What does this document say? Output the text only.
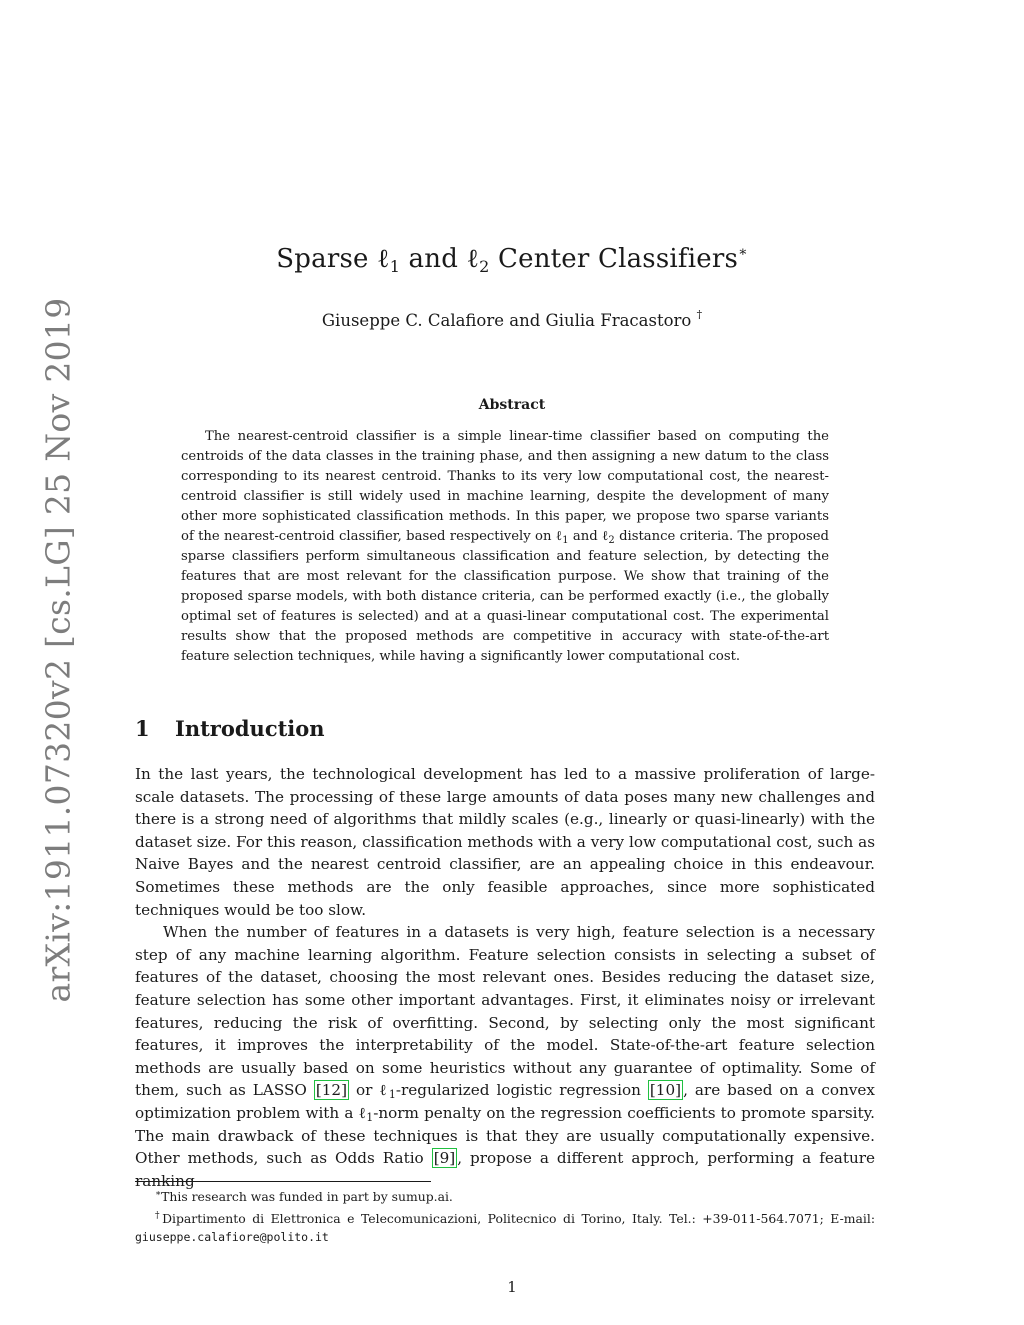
arXiv:1911.07320v2 [cs.LG] 25 Nov 2019
Sparse ℓ$_1$ and ℓ$_2$ Center Classifiers∗
Giuseppe C. Calafiore and Giulia Fracastoro †
Abstract
The nearest-centroid classifier is a simple linear-time classifier based on computing the centroids of the data classes in the training phase, and then assigning a new datum to the class corresponding to its nearest centroid. Thanks to its very low computational cost, the nearest-centroid classifier is still widely used in machine learning, despite the development of many other more sophisticated classification methods. In this paper, we propose two sparse variants of the nearest-centroid classifier, based respectively on ℓ$_1$ and ℓ$_2$ distance criteria. The proposed sparse classifiers perform simultaneous classification and feature selection, by detecting the features that are most relevant for the classification purpose. We show that training of the proposed sparse models, with both distance criteria, can be performed exactly (i.e., the globally optimal set of features is selected) and at a quasi-linear computational cost. The experimental results show that the proposed methods are competitive in accuracy with state-of-the-art feature selection techniques, while having a significantly lower computational cost.
1 Introduction

In the last years, the technological development has led to a massive proliferation of large-scale datasets. The processing of these large amounts of data poses many new challenges and there is a strong need of algorithms that mildly scales (e.g., linearly or quasi-linearly) with the dataset size. For this reason, classification methods with a very low computational cost, such as Naive Bayes and the nearest centroid classifier, are an appealing choice in this endeavour. Sometimes these methods are the only feasible approaches, since more sophisticated techniques would be too slow.

When the number of features in a datasets is very high, feature selection is a necessary step of any machine learning algorithm. Feature selection consists in selecting a subset of features of the dataset, choosing the most relevant ones. Besides reducing the dataset size, feature selection has some other important advantages. First, it eliminates noisy or irrelevant features, reducing the risk of overfitting. Second, by selecting only the most significant features, it improves the interpretability of the model. State-of-the-art feature selection methods are usually based on some heuristics without any guarantee of optimality. Some of them, such as LASSO [12] or ℓ$_1$-regularized logistic regression [10] , are based on a convex optimization problem with a ℓ$_1$-norm penalty on the regression coefficients to promote sparsity. The main drawback of these techniques is that they are usually computationally expensive. Other methods, such as Odds Ratio [9] , propose a different approch, performing a feature ranking

∗This research was funded in part by sumup.ai.

†Dipartimento di Elettronica e Telecomunicazioni, Politecnico di Torino, Italy. Tel.: +39-011-564.7071; E-mail: giuseppe.calafiore@polito.it

1
